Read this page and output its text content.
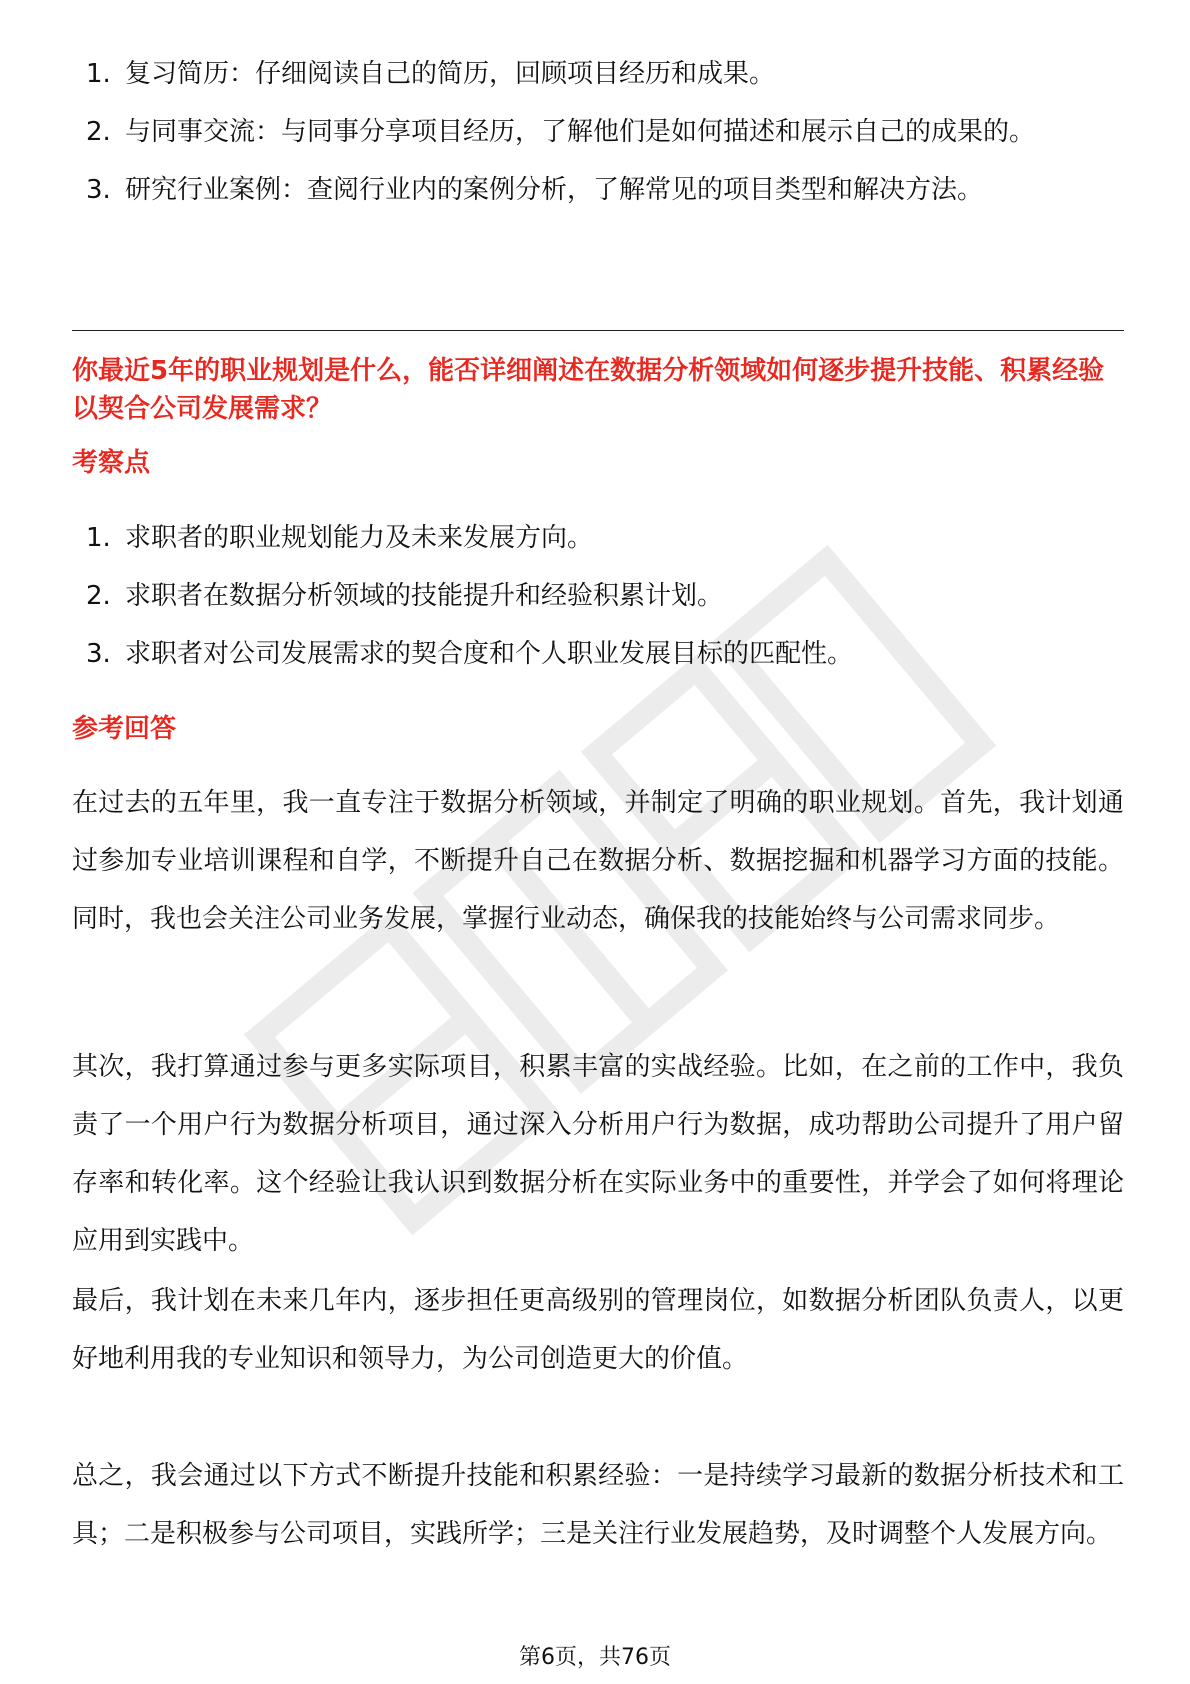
1. 复习简历：仔细阅读自己的简历，回顾项目经历和成果。
2. 与同事交流：与同事分享项目经历，了解他们是如何描述和展示自己的成果的。
3. 研究行业案例：查阅行业内的案例分析，了解常见的项目类型和解决方法。
你最近5年的职业规划是什么，能否详细阐述在数据分析领域如何逐步提升技能、积累经验以契合公司发展需求？
考察点
1. 求职者的职业规划能力及未来发展方向。
2. 求职者在数据分析领域的技能提升和经验积累计划。
3. 求职者对公司发展需求的契合度和个人职业发展目标的匹配性。
参考回答

在过去的五年里，我一直专注于数据分析领域，并制定了明确的职业规划。首先，我计划通过参加专业培训课程和自学，不断提升自己在数据分析、数据挖掘和机器学习方面的技能。同时，我也会关注公司业务发展，掌握行业动态，确保我的技能始终与公司需求同步。

其次，我打算通过参与更多实际项目，积累丰富的实战经验。比如，在之前的工作中，我负责了一个用户行为数据分析项目，通过深入分析用户行为数据，成功帮助公司提升了用户留存率和转化率。这个经验让我认识到数据分析在实际业务中的重要性，并学会了如何将理论应用到实践中。

最后，我计划在未来几年内，逐步担任更高级别的管理岗位，如数据分析团队负责人，以更好地利用我的专业知识和领导力，为公司创造更大的价值。

总之，我会通过以下方式不断提升技能和积累经验：一是持续学习最新的数据分析技术和工具；二是积极参与公司项目，实践所学；三是关注行业发展趋势，及时调整个人发展方向。

第6页，共76页
